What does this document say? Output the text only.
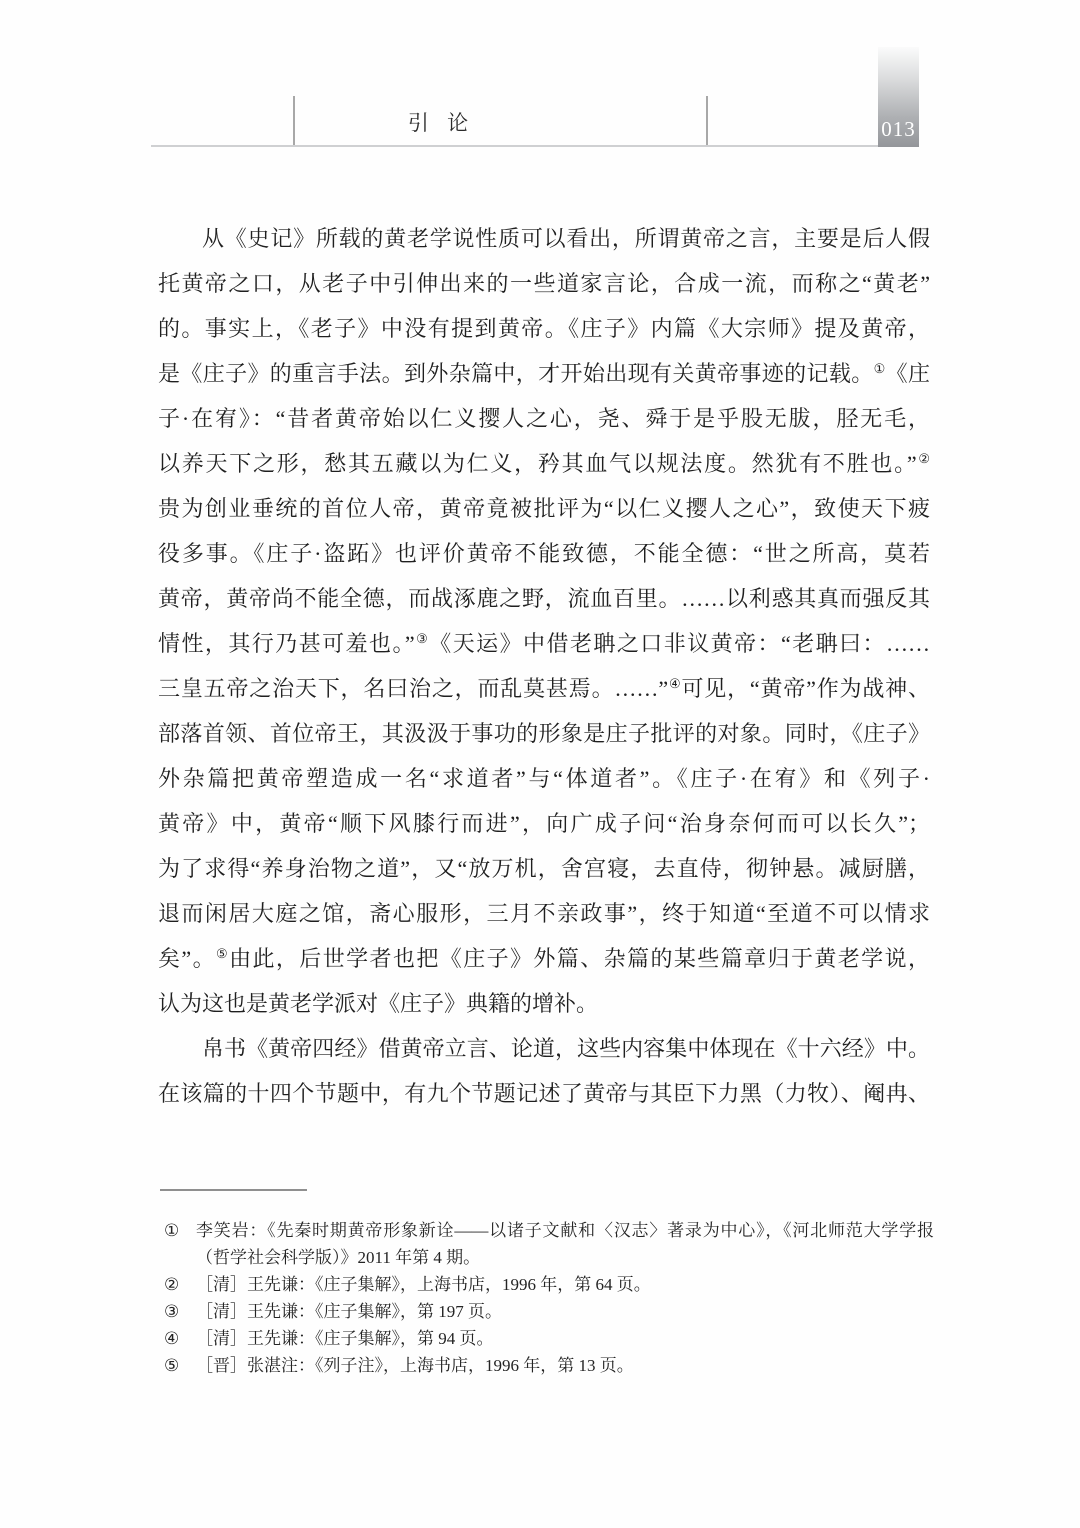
引 论	013
从《史记》所载的黄老学说性质可以看出，所谓黄帝之言，主要是后人假
托黄帝之口，从老子中引伸出来的一些道家言论，合成一流，而称之“黄老”
的。事实上，《老子》中没有提到黄帝。《庄子》内篇《大宗师》提及黄帝，
是《庄子》的重言手法。到外杂篇中，才开始出现有关黄帝事迹的记载。①《庄
子·在宥》：“昔者黄帝始以仁义撄人之心，尧、舜于是乎股无胈，胫无毛，
以养天下之形，愁其五藏以为仁义，矜其血气以规法度。然犹有不胜也。”②
贵为创业垂统的首位人帝，黄帝竟被批评为“以仁义撄人之心”，致使天下疲
役多事。《庄子·盗跖》也评价黄帝不能致德，不能全德：“世之所高，莫若
黄帝，黄帝尚不能全德，而战涿鹿之野，流血百里。……以利惑其真而强反其
情性，其行乃甚可羞也。”③《天运》中借老聃之口非议黄帝：“老聃曰：……
三皇五帝之治天下，名曰治之，而乱莫甚焉。……”④可见，“黄帝”作为战神、
部落首领、首位帝王，其汲汲于事功的形象是庄子批评的对象。同时，《庄子》
外杂篇把黄帝塑造成一名“求道者”与“体道者”。《庄子·在宥》和《列子·
黄帝》中，黄帝“顺下风膝行而进”，向广成子问“治身奈何而可以长久”；
为了求得“养身治物之道”，又“放万机，舍宫寝，去直侍，彻钟悬。减厨膳，
退而闲居大庭之馆，斋心服形，三月不亲政事”，终于知道“至道不可以情求
矣”。⑤由此，后世学者也把《庄子》外篇、杂篇的某些篇章归于黄老学说，
认为这也是黄老学派对《庄子》典籍的增补。
帛书《黄帝四经》借黄帝立言、论道，这些内容集中体现在《十六经》中。
在该篇的十四个节题中，有九个节题记述了黄帝与其臣下力黑（力牧）、阉冉、
① 李笑岩：《先秦时期黄帝形象新诠——以诸子文献和〈汉志〉著录为中心》，《河北师范大学学报（哲学社会科学版）》2011 年第 4 期。
② ［清］王先谦：《庄子集解》，上海书店，1996 年，第 64 页。
③ ［清］王先谦：《庄子集解》，第 197 页。
④ ［清］王先谦：《庄子集解》，第 94 页。
⑤ ［晋］张湛注：《列子注》，上海书店，1996 年，第 13 页。
